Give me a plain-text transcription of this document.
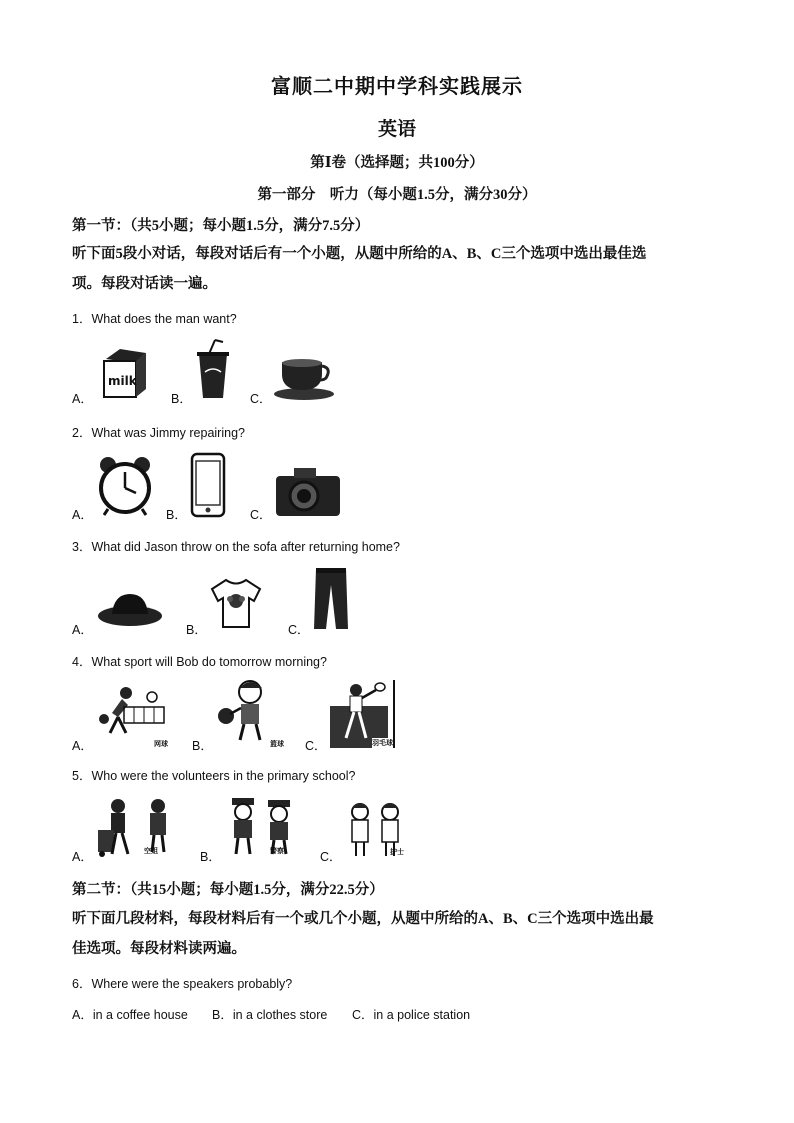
富顺二中期中学科实践展示
英语
第Ⅰ卷（选择题；共100分）
第一部分　听力（每小题1.5分，满分30分）
第一节：（共5小题；每小题1.5分，满分7.5分）
听下面5段小对话，每段对话后有一个小题，从题中所给的A、B、C三个选项中选出最佳选
项。每段对话读一遍。
1．What does the man want?
A．	B．	C．
milk
2．What was Jimmy repairing?
A．	B．	C．
3．What did Jason throw on the sofa after returning home?
A．	B．	C．
4．What sport will Bob do tomorrow morning?
A．	B．	C．
网球	篮球	羽毛球
5．Who were the volunteers in the primary school?
A．	B．	C．
空姐	警察	护士
第二节：（共15小题；每小题1.5分，满分22.5分）
听下面几段材料，每段材料后有一个或几个小题，从题中所给的A、B、C三个选项中选出最
佳选项。每段材料读两遍。
6．Where were the speakers probably?
A．in a coffee house B．in a clothes store C．in a police station
